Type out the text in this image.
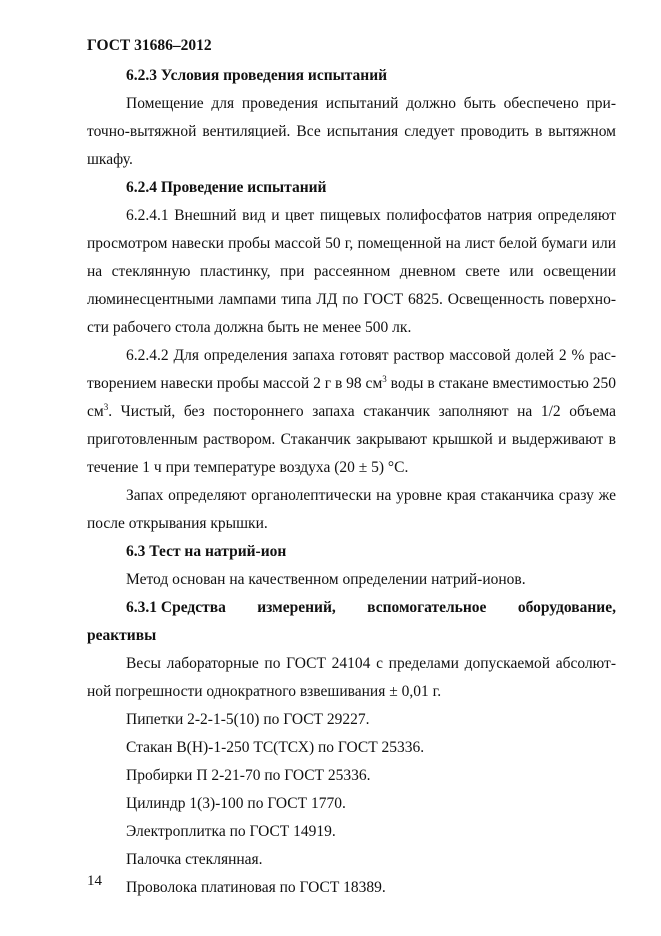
ГОСТ 31686–2012

6.2.3 Условия проведения испытаний

Помещение для проведения испытаний должно быть обеспечено при-точно-вытяжной вентиляцией. Все испытания следует проводить в вытяжном шкафу.

6.2.4 Проведение испытаний

6.2.4.1 Внешний вид и цвет пищевых полифосфатов натрия определяют просмотром навески пробы массой 50 г, помещенной на лист белой бумаги или на стеклянную пластинку, при рассеянном дневном свете или освещении люминесцентными лампами типа ЛД по ГОСТ 6825. Освещенность поверхно-сти рабочего стола должна быть не менее 500 лк.

6.2.4.2 Для определения запаха готовят раствор массовой долей 2 % рас-творением навески пробы массой 2 г в 98 $см^3$ воды в стакане вместимостью 250 $см^3$. Чистый, без постороннего запаха стаканчик заполняют на 1/2 объема приготовленным раствором. Стаканчик закрывают крышкой и выдерживают в течение 1 ч при температуре воздуха (20 ± 5) °С.

Запах определяют органолептически на уровне края стаканчика сразу же после открывания крышки.

6.3 Тест на натрий-ион

Метод основан на качественном определении натрий-ионов.

6.3.1 Средства измерений, вспомогательное оборудование,

реактивы

Весы лабораторные по ГОСТ 24104 с пределами допускаемой абсолют-ной погрешности однократного взвешивания ± 0,01 г.

Пипетки 2-2-1-5(10) по ГОСТ 29227.

Стакан В(Н)-1-250 ТС(ТСХ) по ГОСТ 25336.

Пробирки П 2-21-70 по ГОСТ 25336.

Цилиндр 1(3)-100 по ГОСТ 1770.

Электроплитка по ГОСТ 14919.

Палочка стеклянная.

Проволока платиновая по ГОСТ 18389.

14
